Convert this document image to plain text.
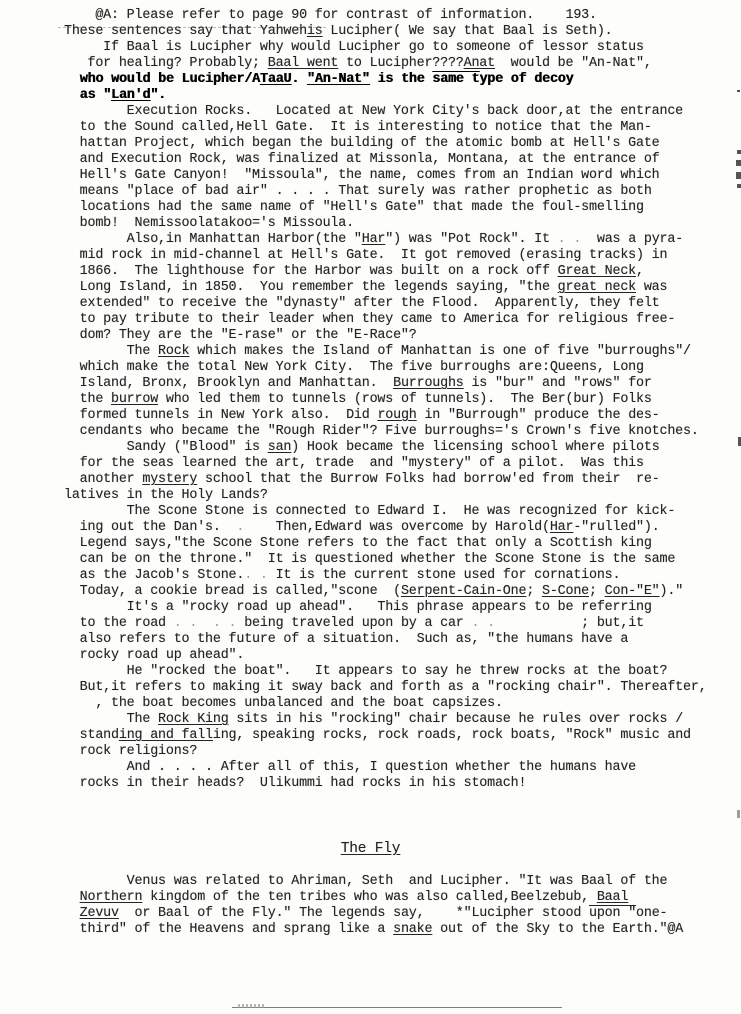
@A: Please refer to page 90 for contrast of information.    193.
These sentences say that Yahwehis Lucipher( We say that Baal is Seth).
If Baal is Lucipher why would Lucipher go to someone of lessor status
for healing? Probably; Baal went to Lucipher????Anat  would be "An-Nat",
who would be Lucipher/ATaaU. "An-Nat" is the same type of decoy
as "Lan'd".
Execution Rocks.   Located at New York City's back door,at the entrance
to the Sound called,Hell Gate.  It is interesting to notice that the Man-
hattan Project, which began the building of the atomic bomb at Hell's Gate
and Execution Rock, was finalized at Missonla, Montana, at the entrance of
Hell's Gate Canyon!  "Missoula", the name, comes from an Indian word which
means "place of bad air" . . . . That surely was rather prophetic as both
locations had the same name of "Hell's Gate" that made the foul-smelling
bomb!  Nemissoolatakoo='s Missoula.
Also,in Manhattan Harbor(the "Har") was "Pot Rock". It . .  was a pyra-
mid rock in mid-channel at Hell's Gate.  It got removed (erasing tracks) in
1866.  The lighthouse for the Harbor was built on a rock off Great Neck,
Long Island, in 1850.  You remember the legends saying, "the great neck was
extended" to receive the "dynasty" after the Flood.  Apparently, they felt
to pay tribute to their leader when they came to America for religious free-
dom? They are the "E-rase" or the "E-Race"?
The Rock which makes the Island of Manhattan is one of five "burroughs"/
which make the total New York City.  The five burroughs are:Queens, Long
Island, Bronx, Brooklyn and Manhattan.  Burroughs is "bur" and "rows" for
the burrow who led them to tunnels (rows of tunnels).  The Ber(bur) Folks
formed tunnels in New York also.  Did rough in "Burrough" produce the des-
cendants who became the "Rough Rider"? Five burroughs='s Crown's five knotches.
Sandy ("Blood" is san) Hook became the licensing school where pilots
for the seas learned the art, trade  and "mystery" of a pilot.  Was this
another mystery school that the Burrow Folks had borrow'ed from their  re-
latives in the Holy Lands?
The Scone Stone is connected to Edward I.  He was recognized for kick-
ing out the Dan's.  .    Then,Edward was overcome by Harold(Har-"rulled").
Legend says,"the Scone Stone refers to the fact that only a Scottish king
can be on the throne."  It is questioned whether the Scone Stone is the same
as the Jacob's Stone.. . It is the current stone used for cornations.
Today, a cookie bread is called,"scone  (Serpent-Cain-One; S-Cone; Con-"E")."
It's a "rocky road up ahead".   This phrase appears to be referring
to the road . .  . . being traveled upon by a car . .           ; but,it
also refers to the future of a situation.  Such as, "the humans have a
rocky road up ahead".
He "rocked the boat".   It appears to say he threw rocks at the boat?
But,it refers to making it sway back and forth as a "rocking chair". Thereafter,
, the boat becomes unbalanced and the boat capsizes.
The Rock King sits in his "rocking" chair because he rules over rocks /
standing and falling, speaking rocks, rock roads, rock boats, "Rock" music and
rock religions?
And . . . . After all of this, I question whether the humans have
rocks in their heads?  Ulikummi had rocks in his stomach!

The Fly

Venus was related to Ahriman, Seth  and Lucipher. "It was Baal of the
Northern kingdom of the ten tribes who was also called,Beelzebub, Baal
Zevuv  or Baal of the Fly." The legends say,    *"Lucipher stood upon "one-
third" of the Heavens and sprang like a snake out of the Sky to the Earth."@A
